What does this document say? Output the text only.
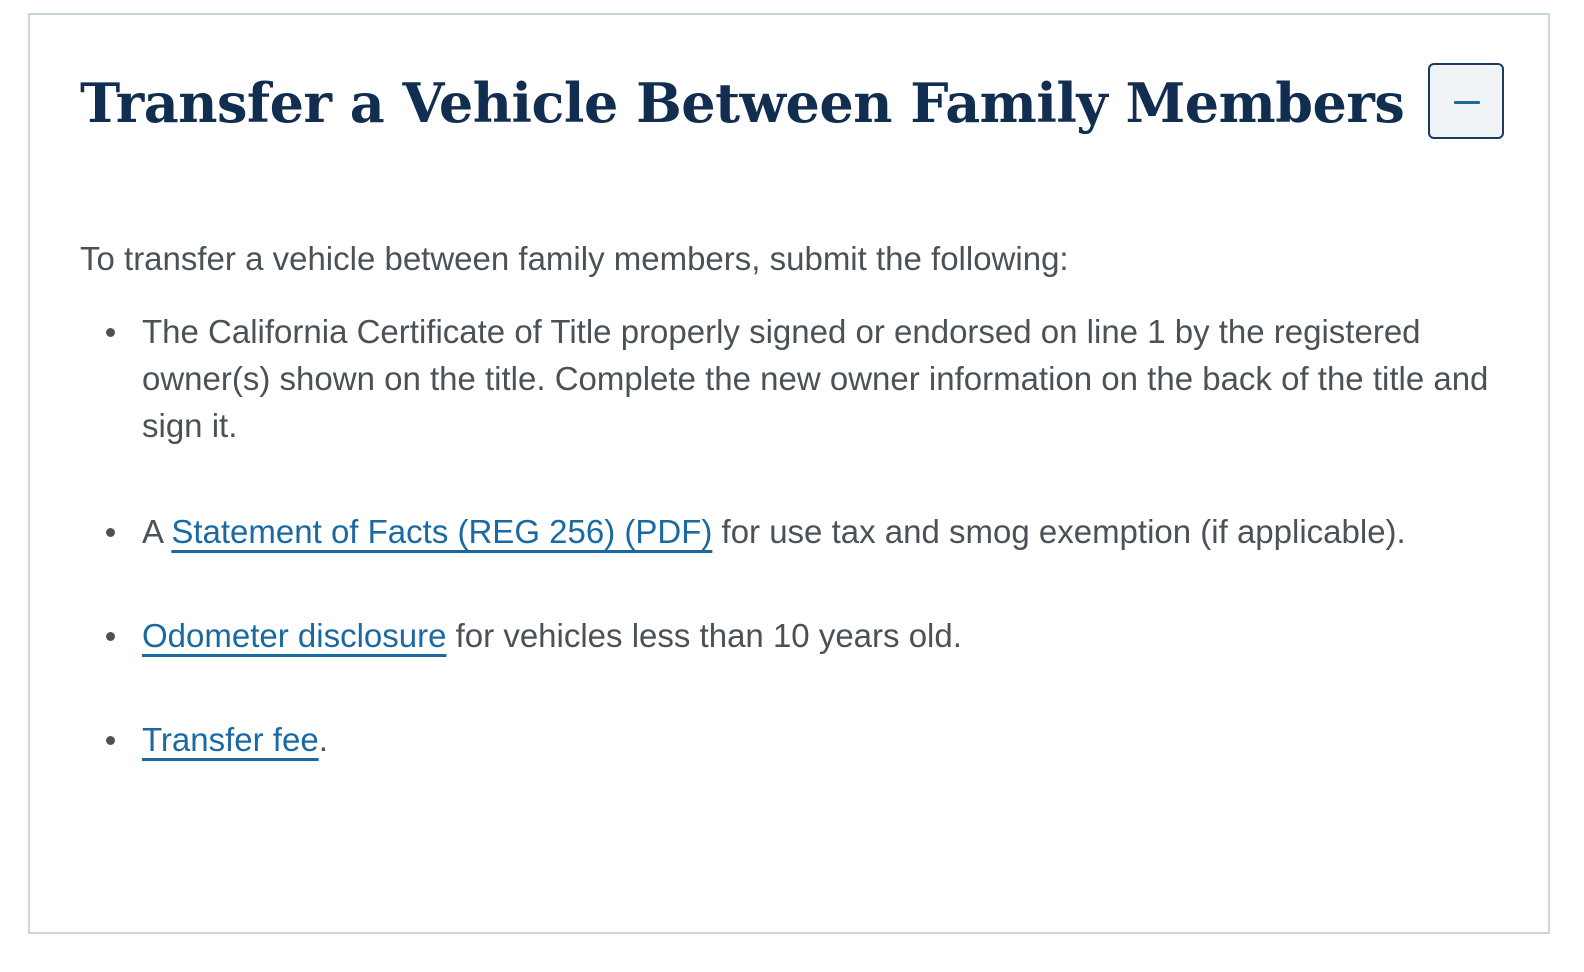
Transfer a Vehicle Between Family Members

To transfer a vehicle between family members, submit the following:

The California Certificate of Title properly signed or endorsed on line 1 by the registered owner(s) shown on the title. Complete the new owner information on the back of the title and sign it.
A Statement of Facts (REG 256) (PDF) for use tax and smog exemption (if applicable).
Odometer disclosure for vehicles less than 10 years old.
Transfer fee.
